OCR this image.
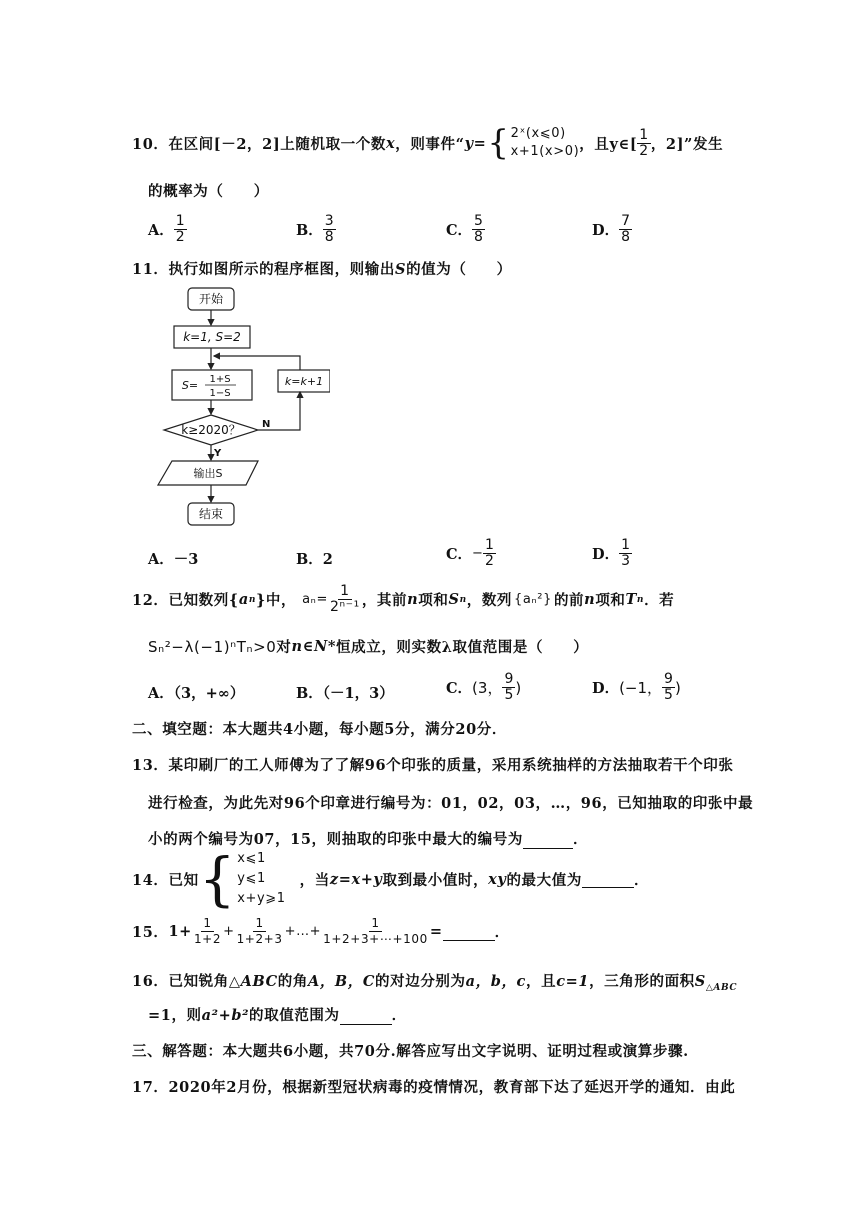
10． 在区间[－2，2]上随机取一个数 x ，则事件“ y = { 2ˣ(x⩽0)
x+1(x>0) ，且y∈[ $\frac{1}{2}$ ，2]”发生
的概率为（　　）
A． $\frac{1}{2}$	B． $\frac{3}{8}$	C． $\frac{5}{8}$	D． $\frac{7}{8}$
11．执行如图所示的程序框图，则输出S的值为（　　）
开始
k=1, S=2
S= 1+S
1−S
k=k+1
k≥2020？ N
Y
输出S
结束
A．－3	B．2	C． − $\frac{1}{2}$	D． $\frac{1}{3}$
12． 已知数列{ a n }中， $a_n= \frac{1}{\text{2ⁿ⁻¹}}$ ，其前 n 项和 S n ，数列 {aₙ²} 的前 n 项和 T n ．若
Sₙ²−λ(−1)ⁿTₙ>0 对 n∈N* 恒成立，则实数λ取值范围是（　　）
A．（3，+∞）	B．（－1，3）	C． (3， $\frac{9}{5}$ )	D． (−1， $\frac{9}{5}$ )
二、填空题：本大题共4小题，每小题5分，满分20分．
13．某印刷厂的工人师傅为了了解96个印张的质量，采用系统抽样的方法抽取若干个印张
进行检查，为此先对96个印章进行编号为：01，02，03，…，96，已知抽取的印张中最
小的两个编号为07，15，则抽取的印张中最大的编号为	．
14． 已知 { x⩽1
y⩽1
x+y⩾1
，当 z=x+y 取到最小值时， xy 的最大值为
	．
15． $1+ \frac{1}{1+2} + \frac{1}{1+2+3}$ +…+ $\frac{1}{1+2+3+\cdots+100}$ =
	．
16．已知锐角△ABC的角A，B，C的对边分别为a，b，c，且c=1，三角形的面积$S_{\triangle ABC}$
=1，则a²+b²的取值范围为	．
三、解答题：本大题共6小题，共70分.解答应写出文字说明、证明过程或演算步骤.
17．2020年2月份，根据新型冠状病毒的疫情情况，教育部下达了延迟开学的通知．由此
